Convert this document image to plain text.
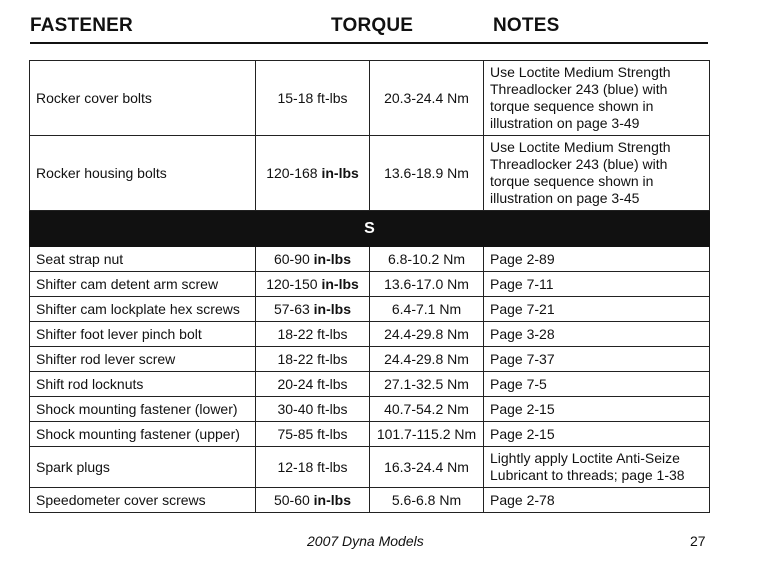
FASTENER	TORQUE	NOTES
Rocker cover bolts	15-18 ft-lbs	20.3-24.4 Nm	Use Loctite Medium Strength
Threadlocker 243 (blue) with
torque sequence shown in
illustration on page 3-49

Rocker housing bolts	120-168 in-lbs	13.6-18.9 Nm	Use Loctite Medium Strength
Threadlocker 243 (blue) with
torque sequence shown in
illustration on page 3-45

S			
Seat strap nut	60-90 in-lbs	6.8-10.2 Nm	Page 2-89
Shifter cam detent arm screw	120-150 in-lbs	13.6-17.0 Nm	Page 7-11
Shifter cam lockplate hex screws	57-63 in-lbs	6.4-7.1 Nm	Page 7-21
Shifter foot lever pinch bolt	18-22 ft-lbs	24.4-29.8 Nm	Page 3-28
Shifter rod lever screw	18-22 ft-lbs	24.4-29.8 Nm	Page 7-37
Shift rod locknuts	20-24 ft-lbs	27.1-32.5 Nm	Page 7-5
Shock mounting fastener (lower)	30-40 ft-lbs	40.7-54.2 Nm	Page 2-15
Shock mounting fastener (upper)	75-85 ft-lbs	101.7-115.2 Nm	Page 2-15
Spark plugs	12-18 ft-lbs	16.3-24.4 Nm	Lightly apply Loctite Anti-Seize
Lubricant to threads; page 1-38

Speedometer cover screws	50-60 in-lbs	5.6-6.8 Nm	Page 2-78
2007 Dyna Models	27
